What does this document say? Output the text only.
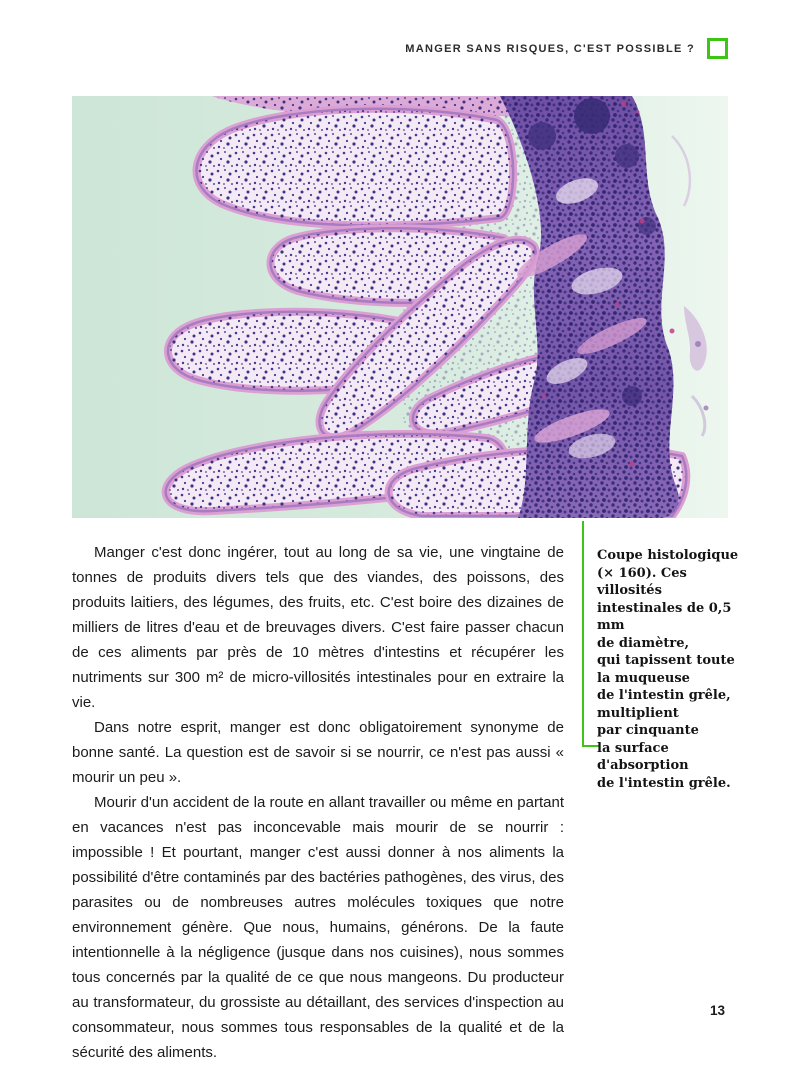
MANGER SANS RISQUES, C'EST POSSIBLE ?

Manger c'est donc ingérer, tout au long de sa vie, une vingtaine de tonnes de produits divers tels que des viandes, des poissons, des produits laitiers, des légumes, des fruits, etc. C'est boire des dizaines de milliers de litres d'eau et de breuvages divers. C'est faire passer chacun de ces aliments par près de 10 mètres d'intestins et récupérer les nutriments sur 300 m² de micro-villosités intestinales pour en extraire la vie.

Dans notre esprit, manger est donc obligatoirement synonyme de bonne santé. La question est de savoir si se nourrir, ce n'est pas aussi « mourir un peu ».

Mourir d'un accident de la route en allant travailler ou même en partant en vacances n'est pas inconcevable mais mourir de se nourrir : impossible ! Et pourtant, manger c'est aussi donner à nos aliments la possibilité d'être contaminés par des bactéries pathogènes, des virus, des parasites ou de nombreuses autres molécules toxiques que notre environnement génère. Que nous, humains, générons. De la faute intentionnelle à la négligence (jusque dans nos cuisines), nous sommes tous concernés par la qualité de ce que nous mangeons. Du producteur au transformateur, du grossiste au détaillant, des services d'inspection au consommateur, nous sommes tous responsables de la qualité et de la sécurité des aliments.

Coupe histologique
(× 160). Ces villosités
intestinales de 0,5 mm
de diamètre,
qui tapissent toute
la muqueuse
de l'intestin grêle,
multiplient
par cinquante
la surface d'absorption
de l'intestin grêle.
13
